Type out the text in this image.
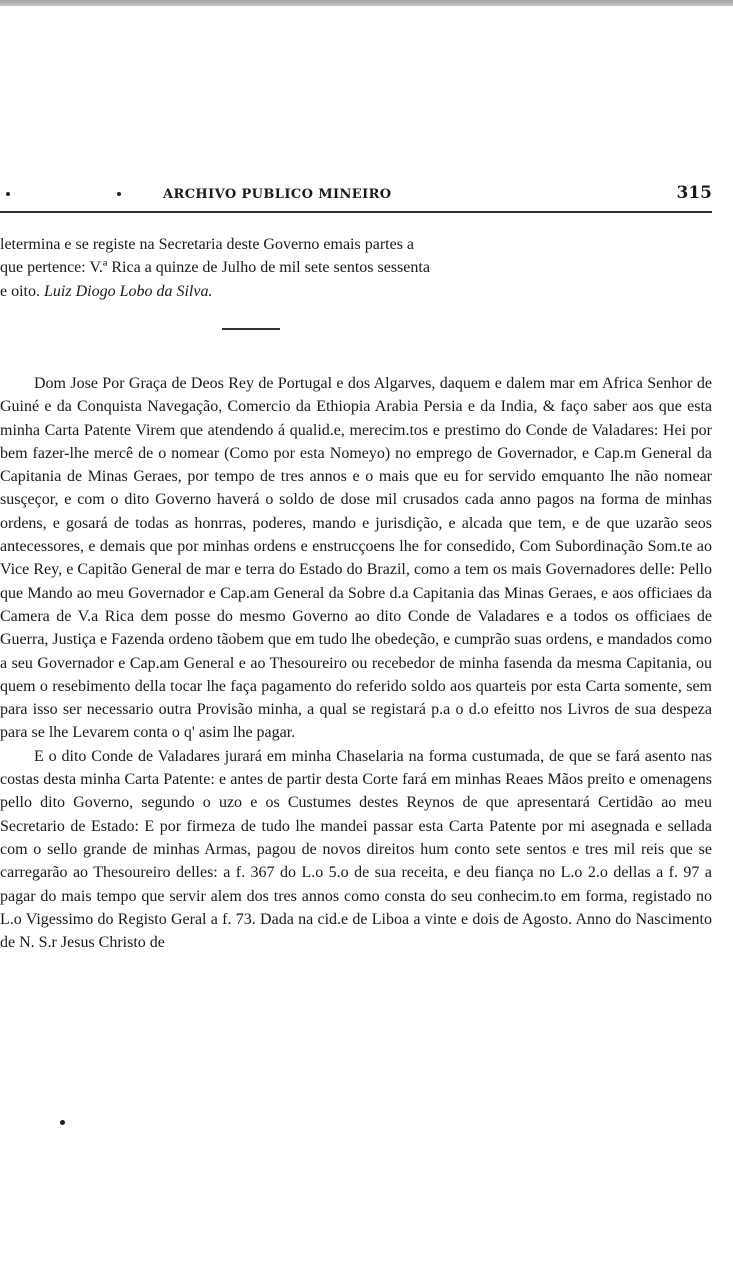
ARCHIVO PUBLICO MINEIRO	315

letermina e se registe na Secretaria deste Governo emais partes a
que pertence: V.ª Rica a quinze de Julho de mil sete sentos sessenta
e oito. Luiz Diogo Lobo da Silva.

Dom Jose Por Graça de Deos Rey de Portugal e dos Algarves, daquem e dalem mar em Africa Senhor de Guiné e da Conquista Navegação, Comercio da Ethiopia Arabia Persia e da India, & faço saber aos que esta minha Carta Patente Virem que atendendo á qualid.e, merecim.tos e prestimo do Conde de Valadares: Hei por bem fazer-lhe mercê de o nomear (Como por esta Nomeyo) no emprego de Governador, e Cap.m General da Capitania de Minas Geraes, por tempo de tres annos e o mais que eu for servido emquanto lhe não nomear susçeçor, e com o dito Governo haverá o soldo de dose mil crusados cada anno pagos na forma de minhas ordens, e gosará de todas as honrras, poderes, mando e jurisdição, e alcada que tem, e de que uzarão seos antecessores, e demais que por minhas ordens e enstrucçoens lhe for consedido, Com Subordinação Som.te ao Vice Rey, e Capitão General de mar e terra do Estado do Brazil, como a tem os mais Governadores delle: Pello que Mando ao meu Governador e Cap.am General da Sobre d.a Capitania das Minas Geraes, e aos officiaes da Camera de V.a Rica dem posse do mesmo Governo ao dito Conde de Valadares e a todos os officiaes de Guerra, Justiça e Fazenda ordeno tãobem que em tudo lhe obedeção, e cumprão suas ordens, e mandados como a seu Governador e Cap.am General e ao Thesoureiro ou recebedor de minha fasenda da mesma Capitania, ou quem o resebimento della tocar lhe faça pagamento do referido soldo aos quarteis por esta Carta somente, sem para isso ser necessario outra Provisão minha, a qual se registará p.a o d.o efeitto nos Livros de sua despeza para se lhe Levarem conta o q' asim lhe pagar.

E o dito Conde de Valadares jurará em minha Chaselaria na forma custumada, de que se fará asento nas costas desta minha Carta Patente: e antes de partir desta Corte fará em minhas Reaes Mãos preito e omenagens pello dito Governo, segundo o uzo e os Custumes destes Reynos de que apresentará Certidão ao meu Secretario de Estado: E por firmeza de tudo lhe mandei passar esta Carta Patente por mi asegnada e sellada com o sello grande de minhas Armas, pagou de novos direitos hum conto sete sentos e tres mil reis que se carregarão ao Thesoureiro delles: a f. 367 do L.o 5.o de sua receita, e deu fiança no L.o 2.o dellas a f. 97 a pagar do mais tempo que servir alem dos tres annos como consta do seu conhecim.to em forma, registado no L.o Vigessimo do Registo Geral a f. 73. Dada na cid.e de Liboa a vinte e dois de Agosto. Anno do Nascimento de N. S.r Jesus Christo de
